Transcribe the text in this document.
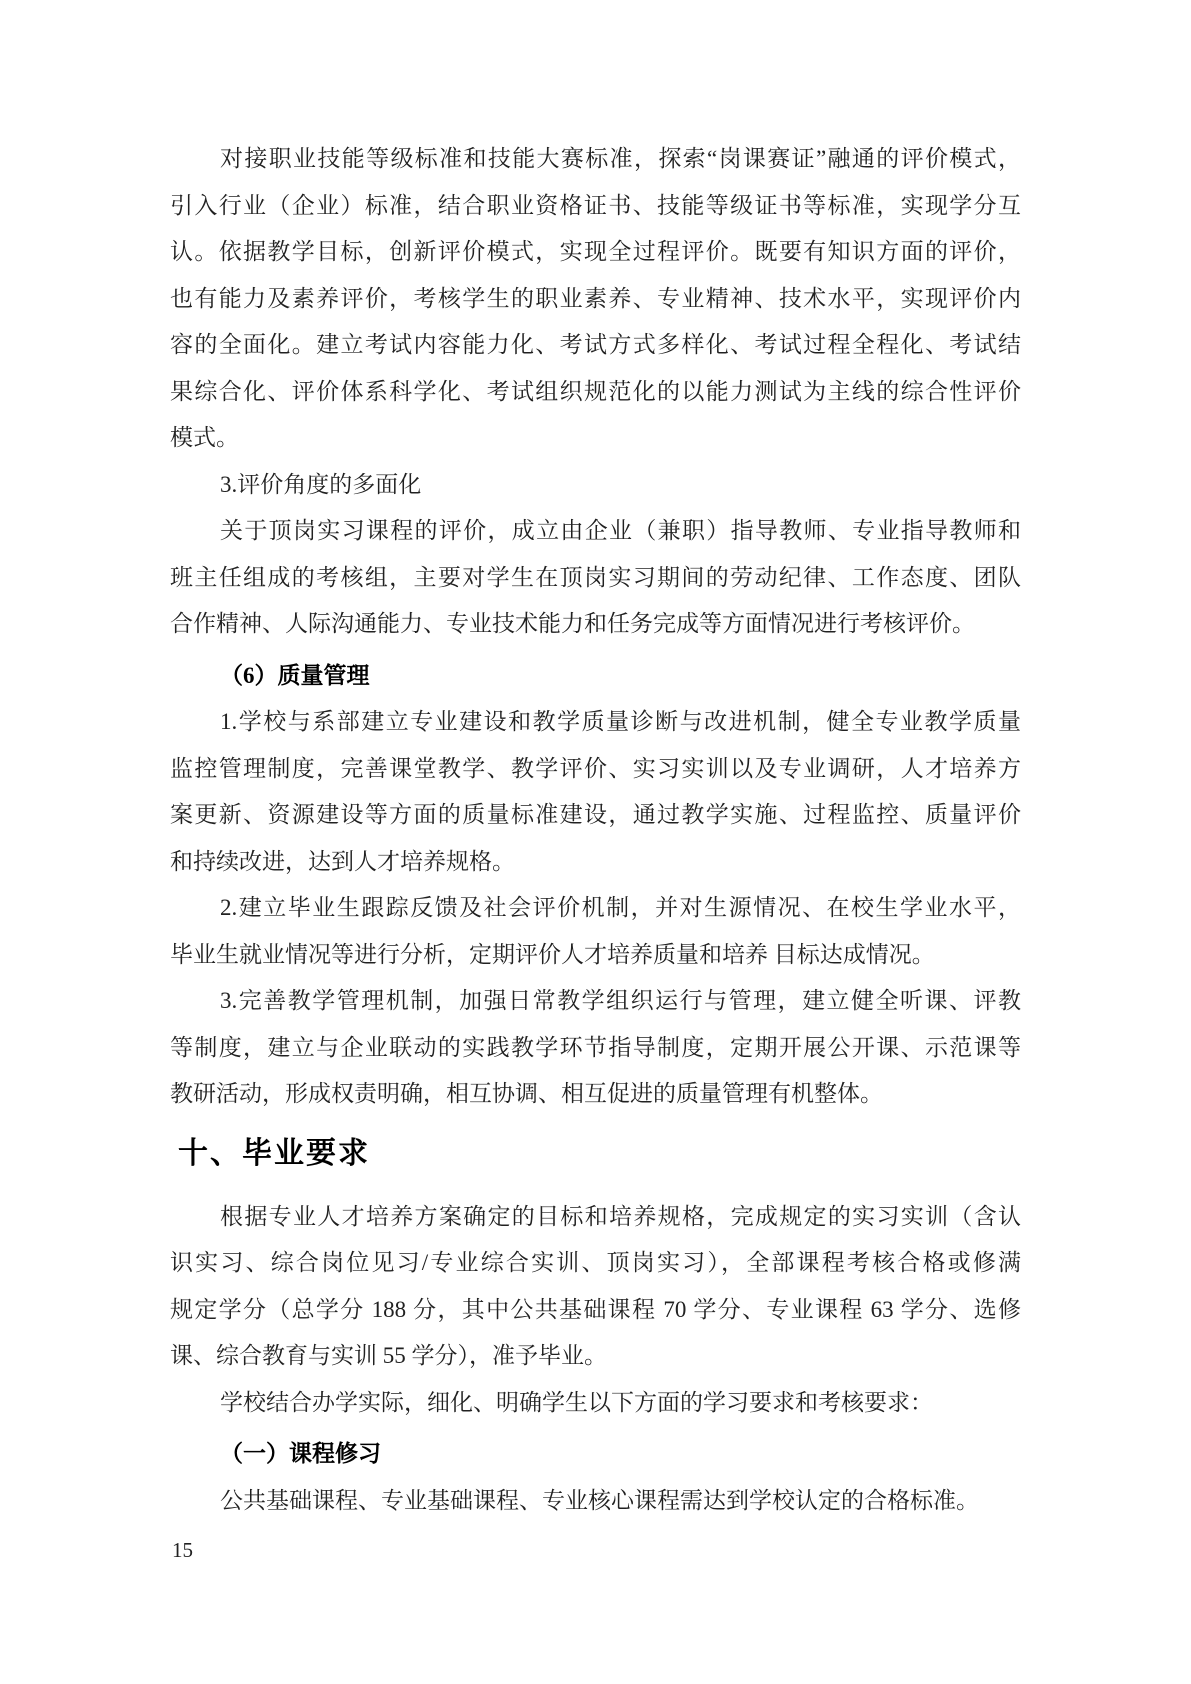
对接职业技能等级标准和技能大赛标准，探索“岗课赛证”融通的评价模式，
引入行业（企业）标准，结合职业资格证书、技能等级证书等标准，实现学分互
认。依据教学目标，创新评价模式，实现全过程评价。既要有知识方面的评价，
也有能力及素养评价，考核学生的职业素养、专业精神、技术水平，实现评价内
容的全面化。建立考试内容能力化、考试方式多样化、考试过程全程化、考试结
果综合化、评价体系科学化、考试组织规范化的以能力测试为主线的综合性评价
模式。

3.评价角度的多面化

关于顶岗实习课程的评价，成立由企业（兼职）指导教师、专业指导教师和
班主任组成的考核组，主要对学生在顶岗实习期间的劳动纪律、工作态度、团队
合作精神、人际沟通能力、专业技术能力和任务完成等方面情况进行考核评价。

（6）质量管理

1.学校与系部建立专业建设和教学质量诊断与改进机制，健全专业教学质量
监控管理制度，完善课堂教学、教学评价、实习实训以及专业调研，人才培养方
案更新、资源建设等方面的质量标准建设，通过教学实施、过程监控、质量评价
和持续改进，达到人才培养规格。

2.建立毕业生跟踪反馈及社会评价机制，并对生源情况、在校生学业水平，
毕业生就业情况等进行分析，定期评价人才培养质量和培养 目标达成情况。

3.完善教学管理机制，加强日常教学组织运行与管理，建立健全听课、评教
等制度，建立与企业联动的实践教学环节指导制度，定期开展公开课、示范课等
教研活动，形成权责明确，相互协调、相互促进的质量管理有机整体。

十、毕业要求

根据专业人才培养方案确定的目标和培养规格，完成规定的实习实训（含认
识实习、综合岗位见习/专业综合实训、顶岗实习），全部课程考核合格或修满
规定学分（总学分 188 分，其中公共基础课程 70 学分、专业课程 63 学分、选修
课、综合教育与实训 55 学分），准予毕业。

学校结合办学实际，细化、明确学生以下方面的学习要求和考核要求：

（一）课程修习

公共基础课程、专业基础课程、专业核心课程需达到学校认定的合格标准。

15
